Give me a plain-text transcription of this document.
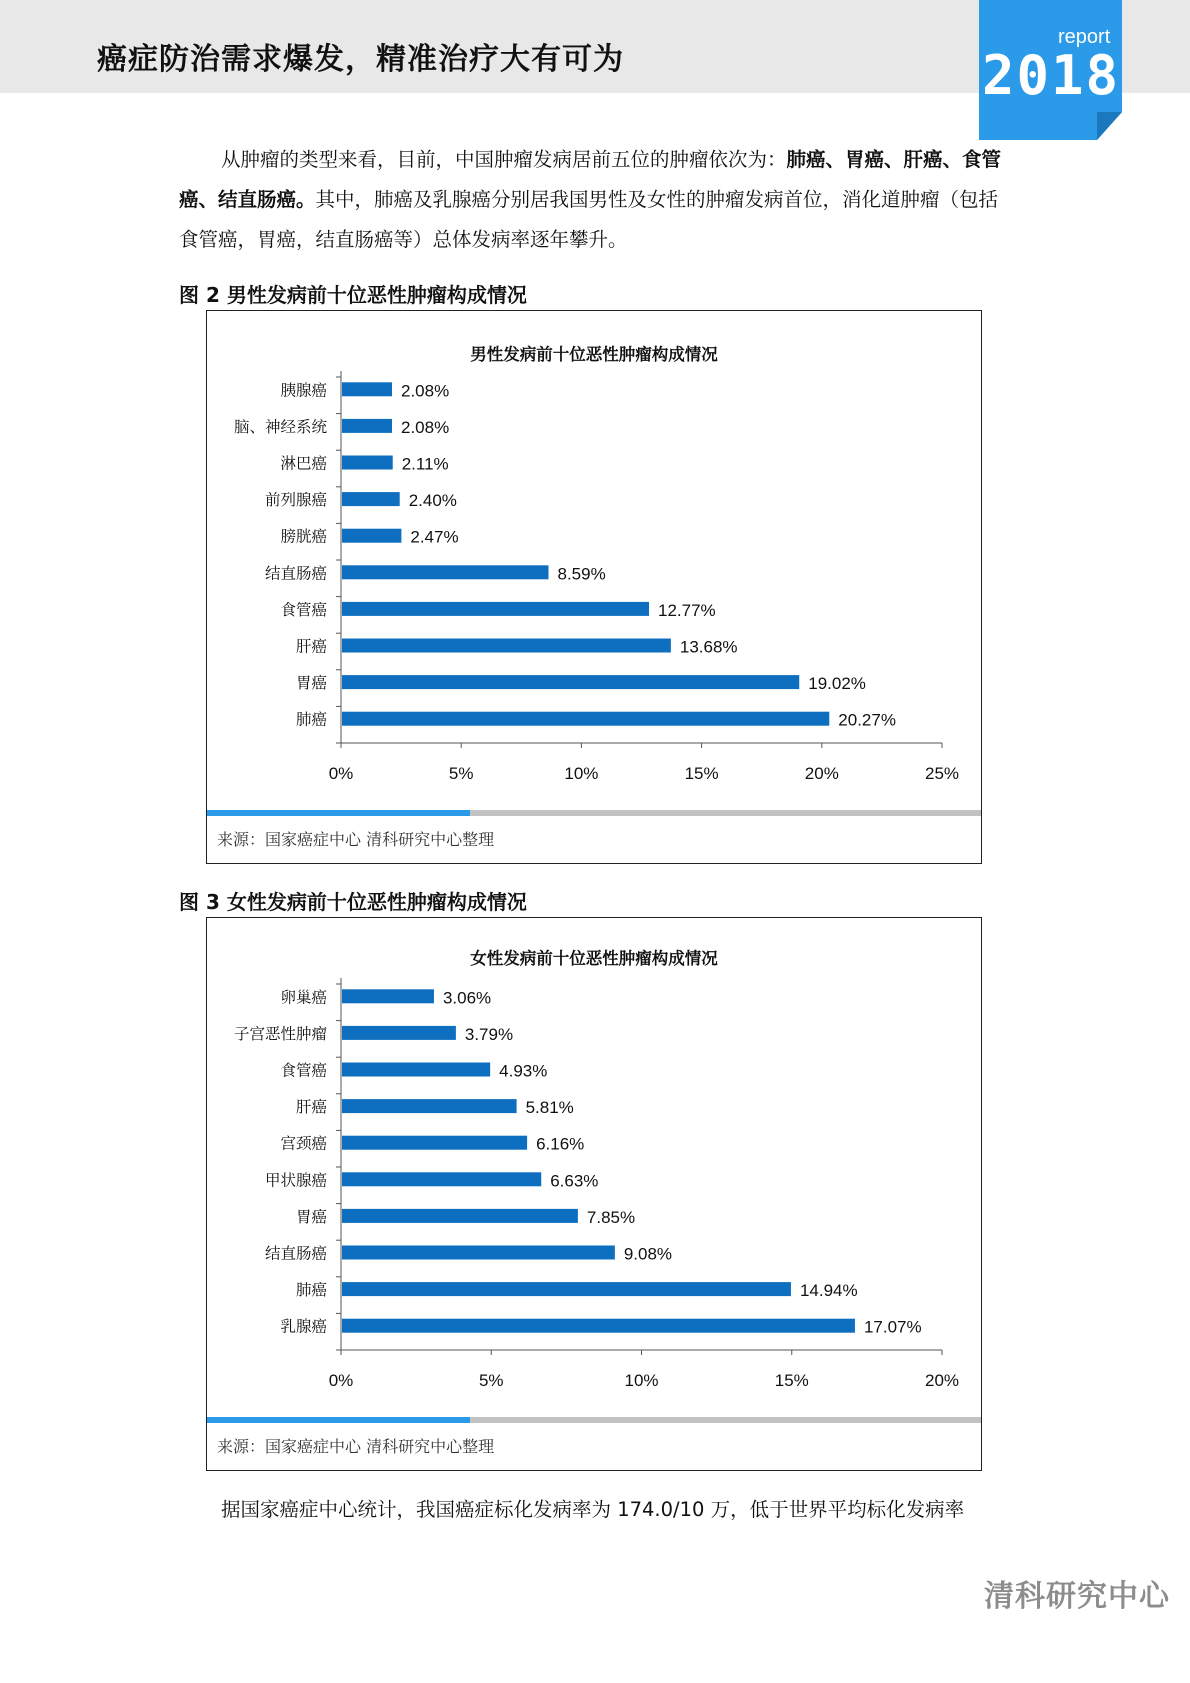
癌症防治需求爆发，精准治疗大有可为
report
2018
从肿瘤的类型来看，目前，中国肿瘤发病居前五位的肿瘤依次为：肺癌、胃癌、肝癌、食管癌、结直肠癌。其中，肺癌及乳腺癌分别居我国男性及女性的肿瘤发病首位，消化道肿瘤（包括食管癌，胃癌，结直肠癌等）总体发病率逐年攀升。
图 2 男性发病前十位恶性肿瘤构成情况
男性发病前十位恶性肿瘤构成情况
0%	5%	10%	15%	20%	25%
胰腺癌	2.08%
脑、神经系统	2.08%
淋巴癌	2.11%
前列腺癌	2.40%
膀胱癌	2.47%
结直肠癌	8.59%
食管癌	12.77%
肝癌	13.68%
胃癌	19.02%
肺癌	20.27%
来源：国家癌症中心 清科研究中心整理
图 3 女性发病前十位恶性肿瘤构成情况
女性发病前十位恶性肿瘤构成情况
0%	5%	10%	15%	20%
卵巢癌	3.06%
子宫恶性肿瘤	3.79%
食管癌	4.93%
肝癌	5.81%
宫颈癌	6.16%
甲状腺癌	6.63%
胃癌	7.85%
结直肠癌	9.08%
肺癌	14.94%
乳腺癌	17.07%
来源：国家癌症中心 清科研究中心整理
据国家癌症中心统计，我国癌症标化发病率为 174.0/10 万，低于世界平均标化发病率
清科研究中心
